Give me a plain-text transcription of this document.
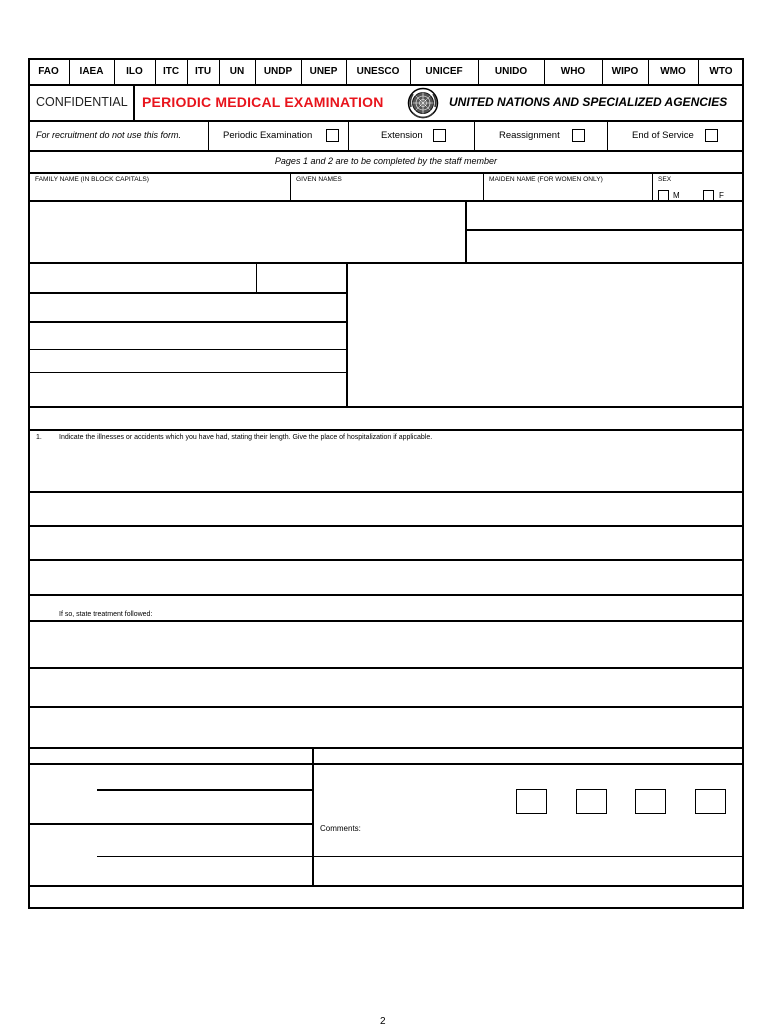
FAO	IAEA	ILO	ITC	ITU	UN	UNDP	UNEP	UNESCO	UNICEF	UNIDO	WHO	WIPO	WMO	WTO
CONFIDENTIAL PERIODIC MEDICAL EXAMINATION	UNITED NATIONS AND SPECIALIZED AGENCIES
For recruitment do not use this form.	Periodic Examination	Extension	Reassignment	End of Service
Pages 1 and 2 are to be completed by the staff member
FAMILY NAME (IN BLOCK CAPITALS)	GIVEN NAMES	MAIDEN NAME (FOR WOMEN ONLY)	SEX
M	F
1. Indicate the illnesses or accidents which you have had, stating their length. Give the place of hospitalization if applicable.
If so, state treatment followed:
Comments:
2
